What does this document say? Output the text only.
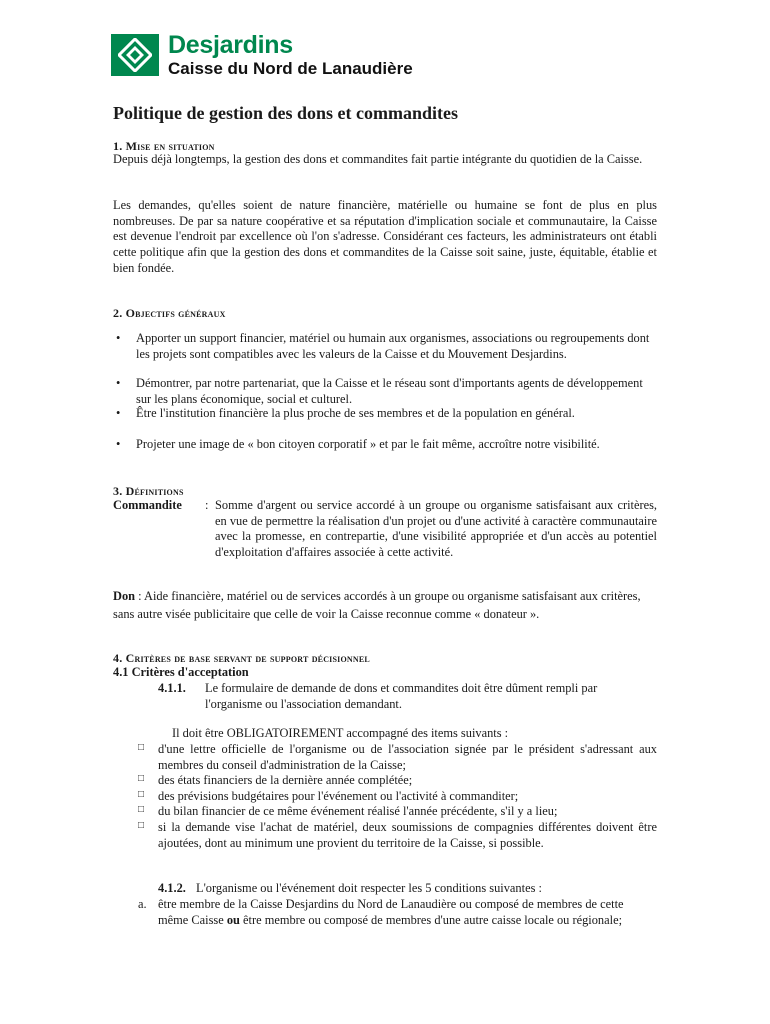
Desjardins
Caisse du Nord de Lanaudière
Politique de gestion des dons et commandites
1. Mise en situation
Depuis déjà longtemps, la gestion des dons et commandites fait partie intégrante du quotidien de la Caisse.
Les demandes, qu'elles soient de nature financière, matérielle ou humaine se font de plus en plus nombreuses. De par sa nature coopérative et sa réputation d'implication sociale et communautaire, la Caisse est devenue l'endroit par excellence où l'on s'adresse. Considérant ces facteurs, les administrateurs ont établi cette politique afin que la gestion des dons et commandites de la Caisse soit saine, juste, équitable, établie et bien fondée.
2. Objectifs généraux
• Apporter un support financier, matériel ou humain aux organismes, associations ou regroupements dont les projets sont compatibles avec les valeurs de la Caisse et du Mouvement Desjardins.
• Démontrer, par notre partenariat, que la Caisse et le réseau sont d'importants agents de développement sur les plans économique, social et culturel.
• Être l'institution financière la plus proche de ses membres et de la population en général.
• Projeter une image de « bon citoyen corporatif » et par le fait même, accroître notre visibilité.
3. Définitions
Commandite : Somme d'argent ou service accordé à un groupe ou organisme satisfaisant aux critères, en vue de permettre la réalisation d'un projet ou d'une activité à caractère communautaire avec la promesse, en contrepartie, d'une visibilité appropriée et d'un accès au potentiel d'exploitation d'affaires associée à cette activité.
Don : Aide financière, matériel ou de services accordés à un groupe ou organisme satisfaisant aux critères, sans autre visée publicitaire que celle de voir la Caisse reconnue comme « donateur ».
4. Critères de base servant de support décisionnel
4.1 Critères d'acceptation
4.1.1. Le formulaire de demande de dons et commandites doit être dûment rempli par l'organisme ou l'association demandant.
Il doit être OBLIGATOIREMENT accompagné des items suivants :
□ d'une lettre officielle de l'organisme ou de l'association signée par le président s'adressant aux membres du conseil d'administration de la Caisse;
□ des états financiers de la dernière année complétée;
□ des prévisions budgétaires pour l'événement ou l'activité à commanditer;
□ du bilan financier de ce même événement réalisé l'année précédente, s'il y a lieu;
□ si la demande vise l'achat de matériel, deux soumissions de compagnies différentes doivent être ajoutées, dont au minimum une provient du territoire de la Caisse, si possible.
4.1.2. L'organisme ou l'événement doit respecter les 5 conditions suivantes :
a. être membre de la Caisse Desjardins du Nord de Lanaudière ou composé de membres de cette même Caisse ou être membre ou composé de membres d'une autre caisse locale ou régionale;
